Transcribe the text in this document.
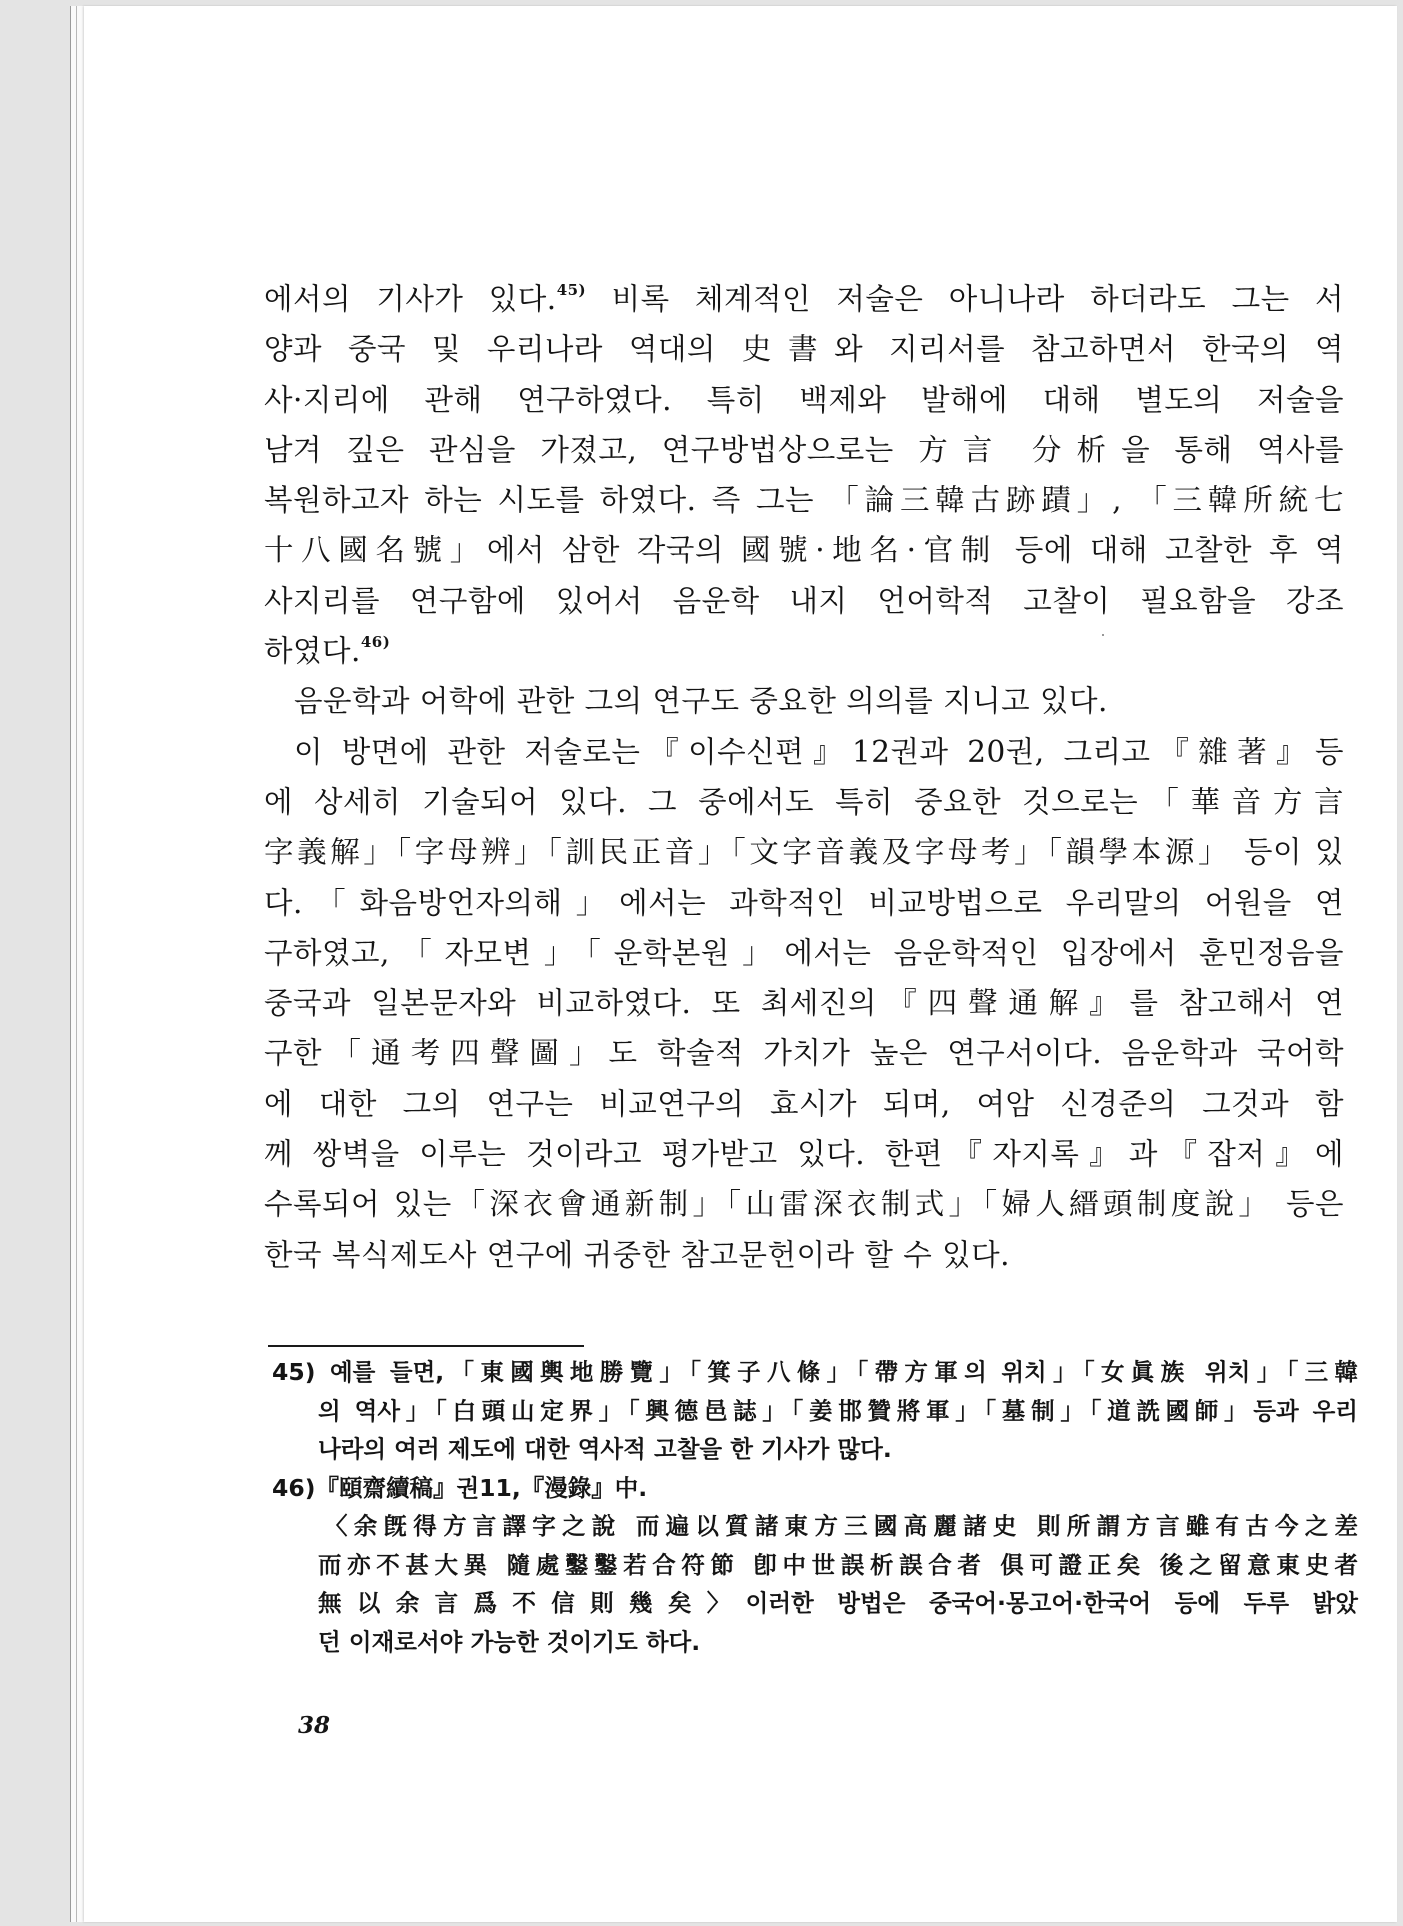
에서의 기사가 있다.$^{45)}$ 비록 체계적인 저술은 아니나라 하더라도 그는 서
양과 중국 및 우리나라 역대의 史書와 지리서를 참고하면서 한국의 역
사·지리에 관해 연구하였다. 특히 백제와 발해에 대해 별도의 저술을
남겨 깊은 관심을 가졌고, 연구방법상으로는 方言 分析을 통해 역사를
복원하고자 하는 시도를 하였다. 즉 그는 「論三韓古跡蹟」, 「三韓所統七
十八國名號」에서 삼한 각국의 國號·地名·官制 등에 대해 고찰한 후 역
사지리를 연구함에 있어서 음운학 내지 언어학적 고찰이 필요함을 강조
하였다.$^{46)}$
음운학과 어학에 관한 그의 연구도 중요한 의의를 지니고 있다.
이 방면에 관한 저술로는『이수신편』12권과 20권, 그리고『雜著』등
에 상세히 기술되어 있다. 그 중에서도 특히 중요한 것으로는「華音方言
字義解」「字母辨」「訓民正音」「文字音義及字母考」「韻學本源」 등이 있
다.「화음방언자의해」에서는 과학적인 비교방법으로 우리말의 어원을 연
구하였고,「자모변」「운학본원」에서는 음운학적인 입장에서 훈민정음을
중국과 일본문자와 비교하였다. 또 최세진의『四聲通解』를 참고해서 연
구한「通考四聲圖」도 학술적 가치가 높은 연구서이다. 음운학과 국어학
에 대한 그의 연구는 비교연구의 효시가 되며, 여암 신경준의 그것과 함
께 쌍벽을 이루는 것이라고 평가받고 있다. 한편『자지록』과『잡저』에
수록되어 있는「深衣會通新制」「山雷深衣制式」「婦人縉頭制度說」 등은
한국 복식제도사 연구에 귀중한 참고문헌이라 할 수 있다.
45) 예를 들면,「東國輿地勝覽」「箕子八條」「帶方軍의 위치」「女眞族 위치」「三韓
의 역사」「白頭山定界」「興德邑誌」「姜邯贊將軍」「墓制」「道詵國師」등과 우리
나라의 여러 제도에 대한 역사적 고찰을 한 기사가 많다.
46)『頤齋續稿』권11,『漫錄』中.
〈余旣得方言譯字之說 而遍以質諸東方三國高麗諸史 則所謂方言雖有古今之差
而亦不甚大異 隨處鑿鑿若合符節 卽中世誤析誤合者 俱可證正矣 後之留意東史者
無以余言爲不信則幾矣〉이러한 방법은 중국어·몽고어·한국어 등에 두루 밝았
던 이재로서야 가능한 것이기도 하다.
38
